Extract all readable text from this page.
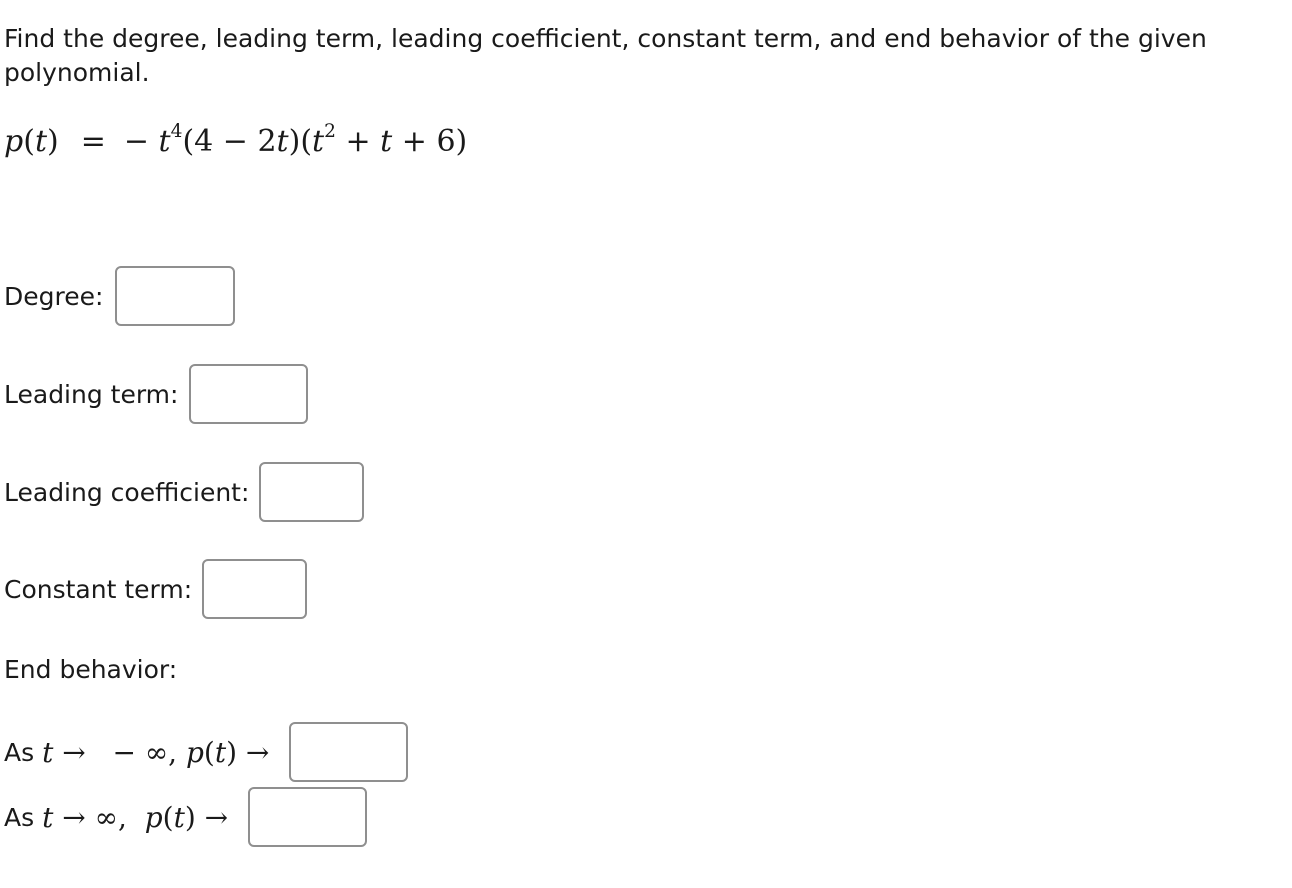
Find the degree, leading term, leading coefficient, constant term, and end behavior of the given polynomial.
p(t) = − $t^4(4 - 2t)(t^2 + t + 6)$
Degree:
Leading term:
Leading coefficient:
Constant term:
End behavior:
As t →   − ∞, p(t) →
As t → ∞,  p(t) →
